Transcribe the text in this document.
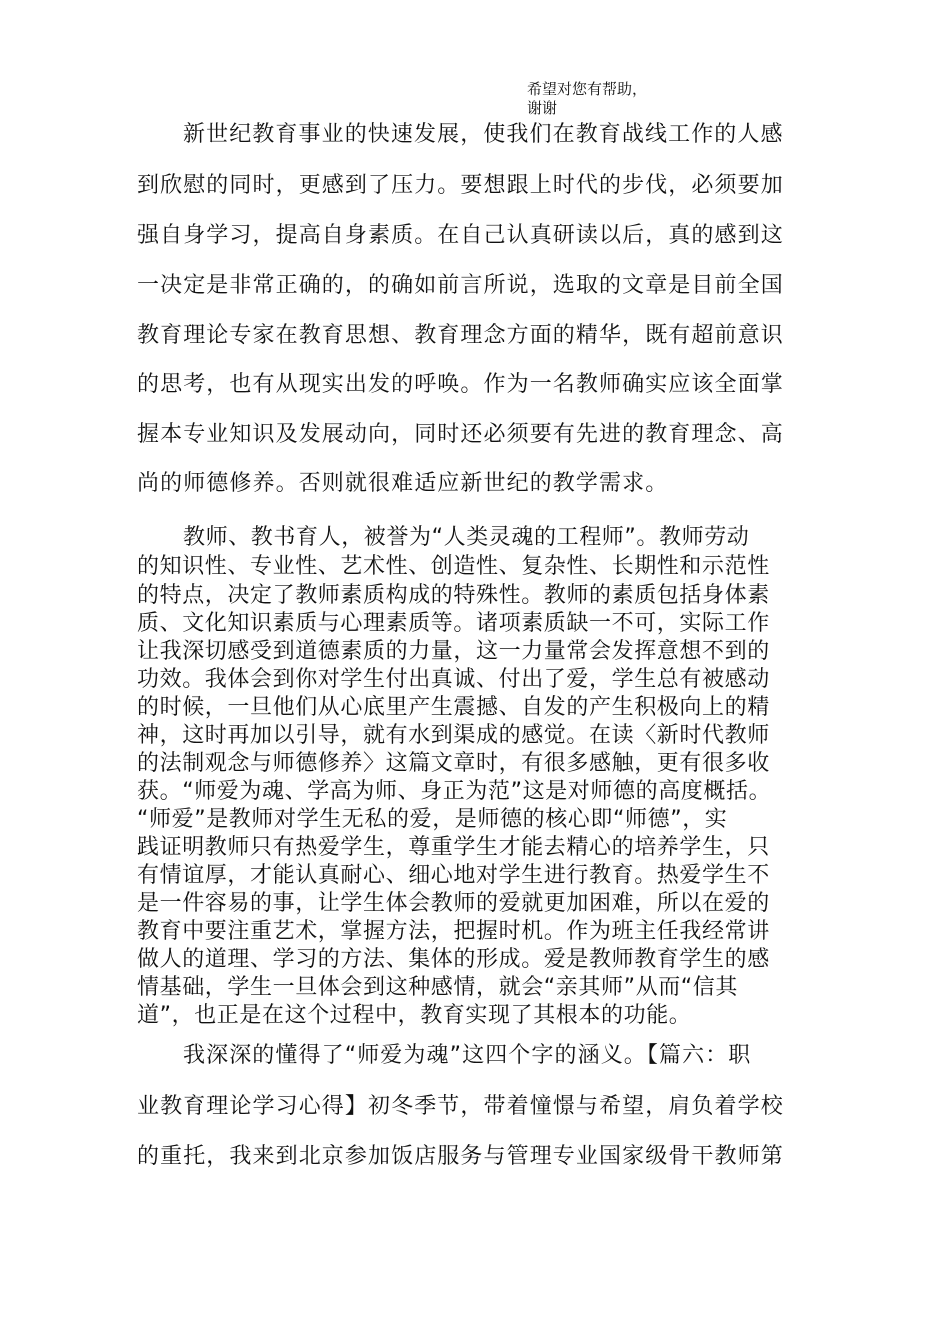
希望对您有帮助，
谢谢

新世纪教育事业的快速发展，使我们在教育战线工作的人感

到欣慰的同时，更感到了压力。要想跟上时代的步伐，必须要加

强自身学习，提高自身素质。在自己认真研读以后，真的感到这

一决定是非常正确的，的确如前言所说，选取的文章是目前全国

教育理论专家在教育思想、教育理念方面的精华，既有超前意识

的思考，也有从现实出发的呼唤。作为一名教师确实应该全面掌

握本专业知识及发展动向，同时还必须要有先进的教育理念、高

尚的师德修养。否则就很难适应新世纪的教学需求。

教师、教书育人，被誉为“人类灵魂的工程师”。教师劳动

的知识性、专业性、艺术性、创造性、复杂性、长期性和示范性

的特点，决定了教师素质构成的特殊性。教师的素质包括身体素

质、文化知识素质与心理素质等。诸项素质缺一不可，实际工作

让我深切感受到道德素质的力量，这一力量常会发挥意想不到的

功效。我体会到你对学生付出真诚、付出了爱，学生总有被感动

的时候，一旦他们从心底里产生震撼、自发的产生积极向上的精

神，这时再加以引导，就有水到渠成的感觉。在读〈新时代教师

的法制观念与师德修养〉这篇文章时，有很多感触，更有很多收

获。“师爱为魂、学高为师、身正为范”这是对师德的高度概括。

“师爱”是教师对学生无私的爱，是师德的核心即“师德”，实

践证明教师只有热爱学生，尊重学生才能去精心的培养学生，只

有情谊厚，才能认真耐心、细心地对学生进行教育。热爱学生不

是一件容易的事，让学生体会教师的爱就更加困难，所以在爱的

教育中要注重艺术，掌握方法，把握时机。作为班主任我经常讲

做人的道理、学习的方法、集体的形成。爱是教师教育学生的感

情基础，学生一旦体会到这种感情，就会“亲其师”从而“信其

道”，也正是在这个过程中，教育实现了其根本的功能。

我深深的懂得了“师爱为魂”这四个字的涵义。【篇六：职

业教育理论学习心得】初冬季节，带着憧憬与希望，肩负着学校

的重托，我来到北京参加饭店服务与管理专业国家级骨干教师第
